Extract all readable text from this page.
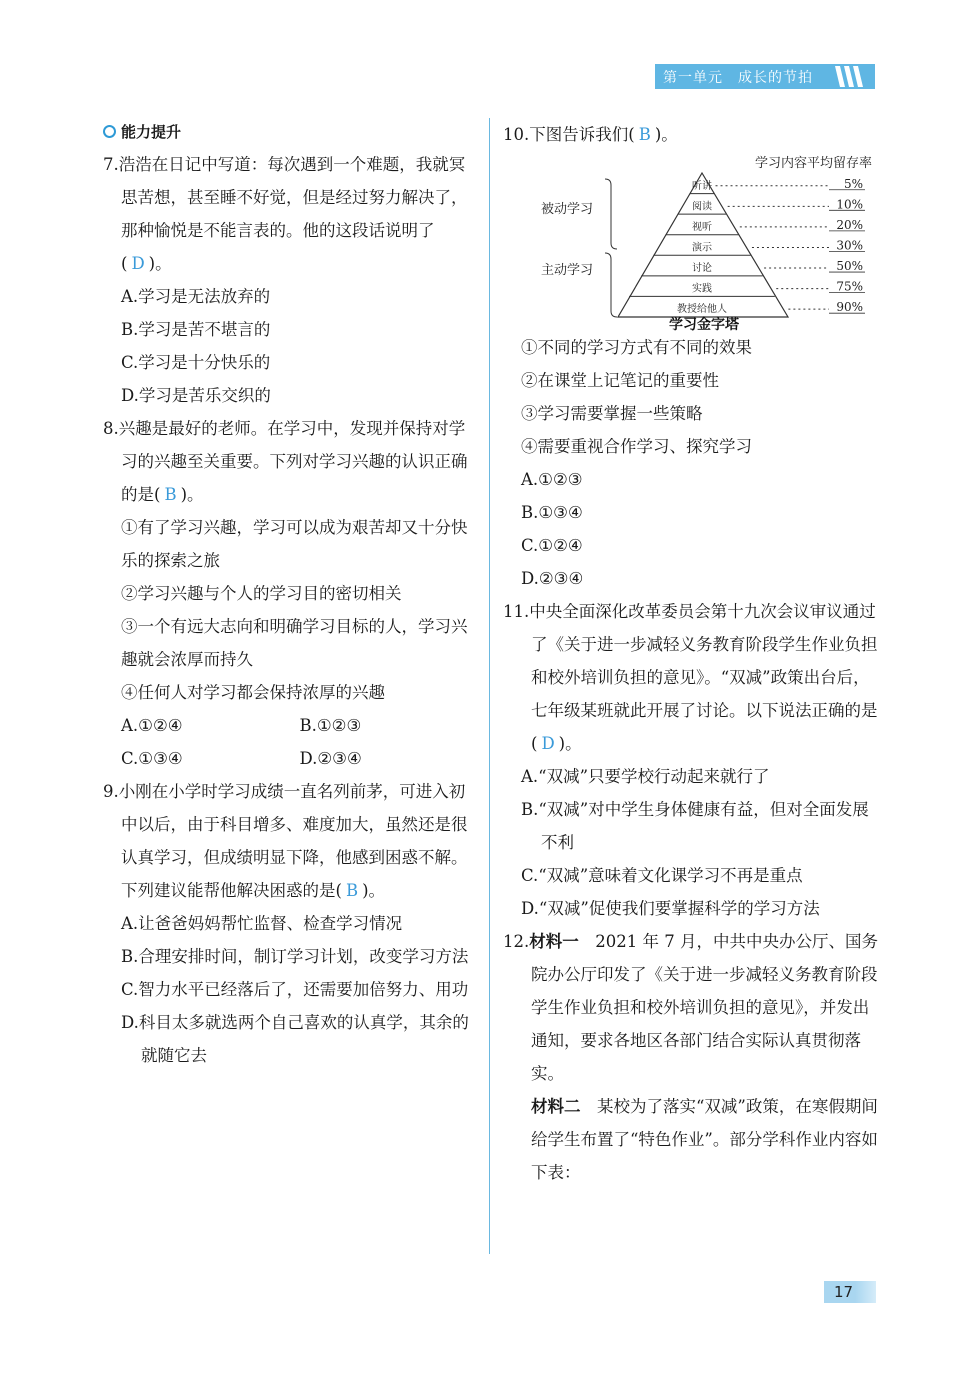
第一单元　成长的节拍
能力提升
7.浩浩在日记中写道：每次遇到一个难题，我就冥思苦想，甚至睡不好觉，但是经过努力解决了，那种愉悦是不能言表的。他的这段话说明了( D )。
A.学习是无法放弃的
B.学习是苦不堪言的
C.学习是十分快乐的
D.学习是苦乐交织的
8.兴趣是最好的老师。在学习中，发现并保持对学习的兴趣至关重要。下列对学习兴趣的认识正确的是( B )。
①有了学习兴趣，学习可以成为艰苦却又十分快乐的探索之旅
②学习兴趣与个人的学习目的密切相关
③一个有远大志向和明确学习目标的人，学习兴趣就会浓厚而持久
④任何人对学习都会保持浓厚的兴趣
A.①②④	B.①②③
C.①③④	D.②③④
9.小刚在小学时学习成绩一直名列前茅，可进入初中以后，由于科目增多、难度加大，虽然还是很认真学习，但成绩明显下降，他感到困惑不解。下列建议能帮他解决困惑的是( B )。
A.让爸爸妈妈帮忙监督、检查学习情况
B.合理安排时间，制订学习计划，改变学习方法
C.智力水平已经落后了，还需要加倍努力、用功
D.科目太多就选两个自己喜欢的认真学，其余的就随它去
10.下图告诉我们( B )。
学习内容平均留存率
听讲	5%
阅读	10%
视听	20%
演示	30%
讨论	50%
实践	75%
教授给他人	90%
被动学习
主动学习
学习金字塔
①不同的学习方式有不同的效果
②在课堂上记笔记的重要性
③学习需要掌握一些策略
④需要重视合作学习、探究学习
A.①②③
B.①③④
C.①②④
D.②③④
11.中央全面深化改革委员会第十九次会议审议通过了《关于进一步减轻义务教育阶段学生作业负担和校外培训负担的意见》。“双减”政策出台后，七年级某班就此开展了讨论。以下说法正确的是( D )。
A.“双减”只要学校行动起来就行了
B.“双减”对中学生身体健康有益，但对全面发展不利
C.“双减”意味着文化课学习不再是重点
D.“双减”促使我们要掌握科学的学习方法
12.材料一　2021 年 7 月，中共中央办公厅、国务院办公厅印发了《关于进一步减轻义务教育阶段学生作业负担和校外培训负担的意见》，并发出通知，要求各地区各部门结合实际认真贯彻落实。
材料二　某校为了落实“双减”政策，在寒假期间给学生布置了“特色作业”。部分学科作业内容如下表：
17
